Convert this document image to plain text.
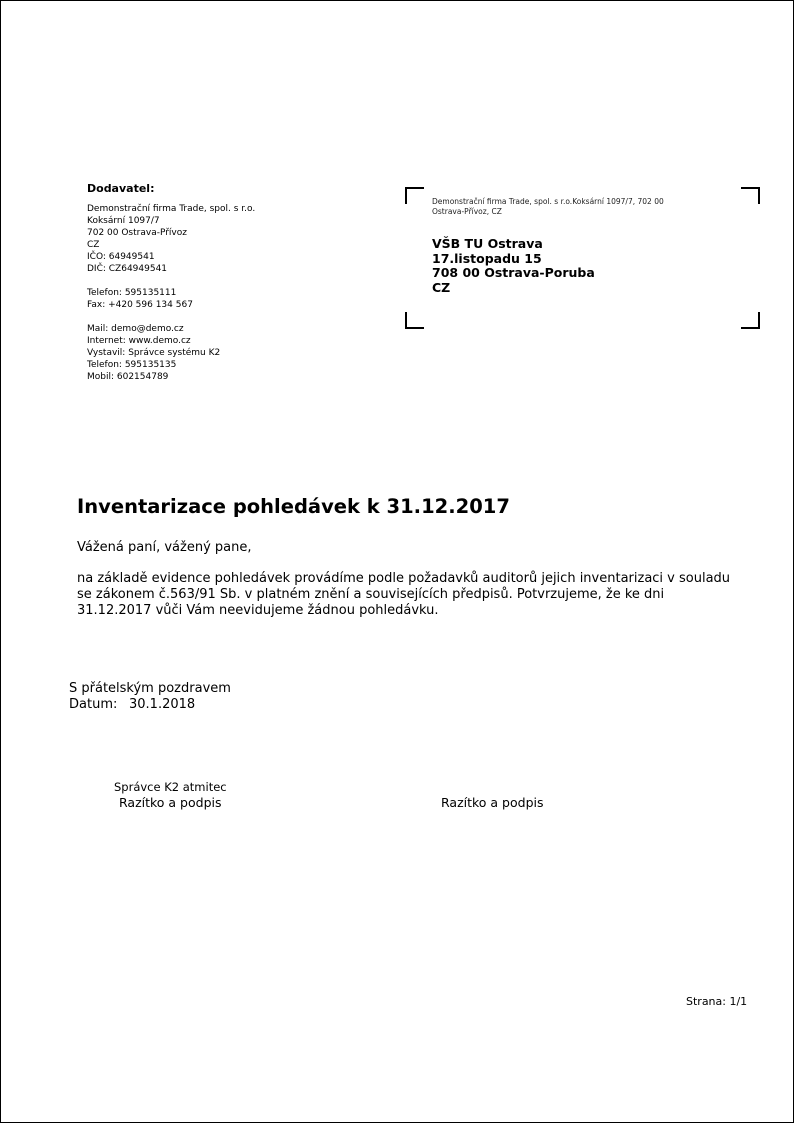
Dodavatel:
Demonstrační firma Trade, spol. s r.o.
Koksární 1097/7
702 00 Ostrava-Přívoz
CZ
IČO: 64949541
DIČ: CZ64949541
Telefon: 595135111
Fax: +420 596 134 567
Mail: demo@demo.cz
Internet: www.demo.cz
Vystavil: Správce systému K2
Telefon: 595135135
Mobil: 602154789
Demonstrační firma Trade, spol. s r.o.Koksární 1097/7, 702 00
Ostrava-Přívoz, CZ
VŠB TU Ostrava
17.listopadu 15
708 00 Ostrava-Poruba
CZ
Inventarizace pohledávek k 31.12.2017
Vážená paní, vážený pane,
na základě evidence pohledávek provádíme podle požadavků auditorů jejich inventarizaci v souladu
se zákonem č.563/91 Sb. v platném znění a souvisejících předpisů. Potvrzujeme, že ke dni
31.12.2017 vůči Vám neevidujeme žádnou pohledávku.
S přátelským pozdravem
Datum: 30.1.2018
Správce K2 atmitec
Razítko a podpis	Razítko a podpis
Strana: 1/1
